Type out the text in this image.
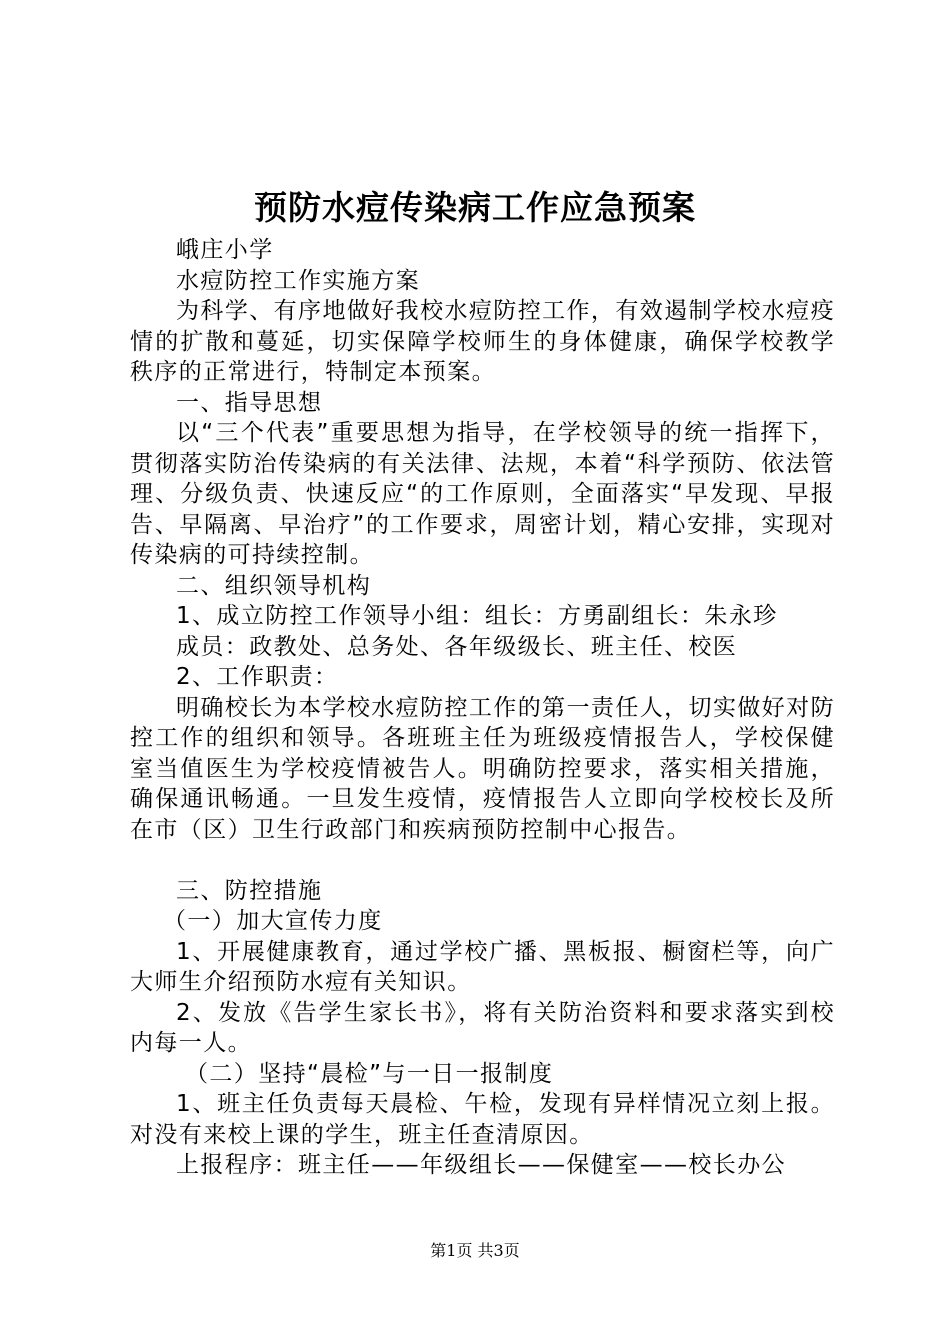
预防水痘传染病工作应急预案
峨庄小学
水痘防控工作实施方案

为科学、有序地做好我校水痘防控工作，有效遏制学校水痘疫情的扩散和蔓延，切实保障学校师生的身体健康，确保学校教学秩序的正常进行，特制定本预案。

一、指导思想

以“三个代表”重要思想为指导，在学校领导的统一指挥下，贯彻落实防治传染病的有关法律、法规，本着“科学预防、依法管理、分级负责、快速反应“的工作原则，全面落实“早发现、早报告、早隔离、早治疗”的工作要求，周密计划，精心安排，实现对传染病的可持续控制。

二、组织领导机构
1、成立防控工作领导小组：组长：方勇副组长：朱永珍
成员：政教处、总务处、各年级级长、班主任、校医
2、工作职责：

明确校长为本学校水痘防控工作的第一责任人，切实做好对防控工作的组织和领导。各班班主任为班级疫情报告人，学校保健室当值医生为学校疫情被告人。明确防控要求，落实相关措施，确保通讯畅通。一旦发生疫情，疫情报告人立即向学校校长及所在市（区）卫生行政部门和疾病预防控制中心报告。

三、防控措施
（一）加大宣传力度

1、开展健康教育，通过学校广播、黑板报、橱窗栏等，向广大师生介绍预防水痘有关知识。

2、发放《告学生家长书》，将有关防治资料和要求落实到校内每一人。

（二）坚持“晨检”与一日一报制度

1、班主任负责每天晨检、午检，发现有异样情况立刻上报。对没有来校上课的学生，班主任查清原因。

上报程序：班主任——年级组长——保健室——校长办公
第1页 共3页
